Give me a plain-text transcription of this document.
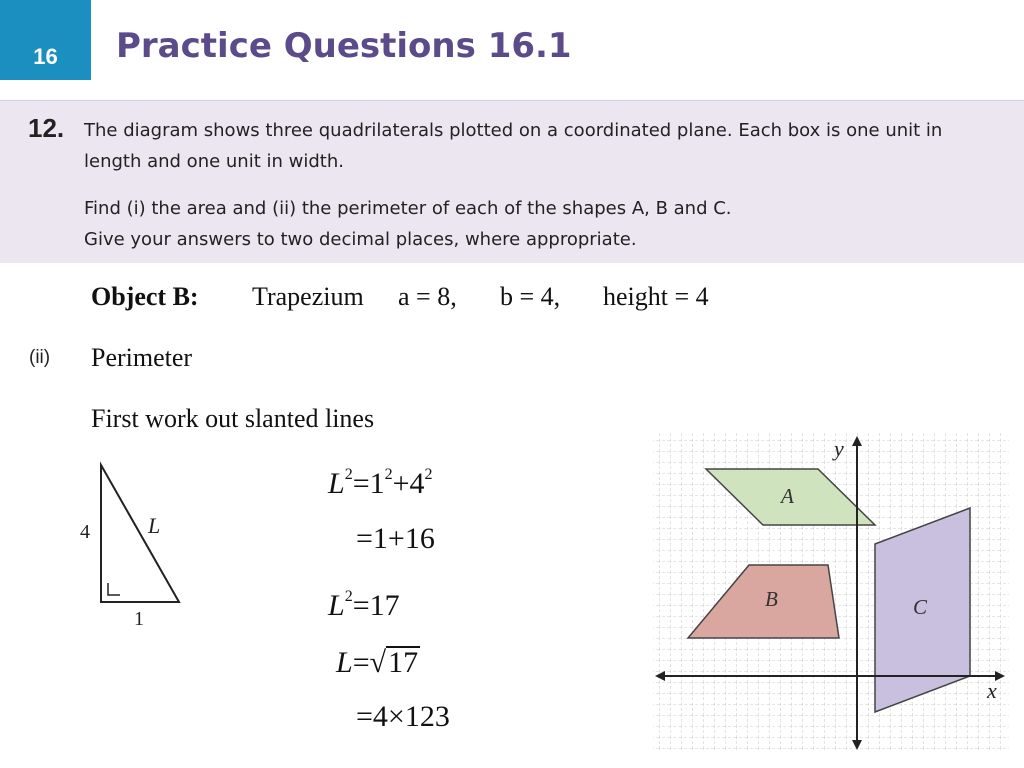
16	Practice Questions 16.1
12. The diagram shows three quadrilaterals plotted on a coordinated plane. Each box is one unit in length and one unit in width.
Find (i) the area and (ii) the perimeter of each of the shapes A, B and C.
Give your answers to two decimal places, where appropriate.
Object B: Trapezium a = 8, b = 4, height = 4
(ii) Perimeter
First work out slanted lines
4
1
L
$L^2=1^2+4^2$
=1+16
$L^2=17$
L=√17
=4×123
x
y
A
B	C
